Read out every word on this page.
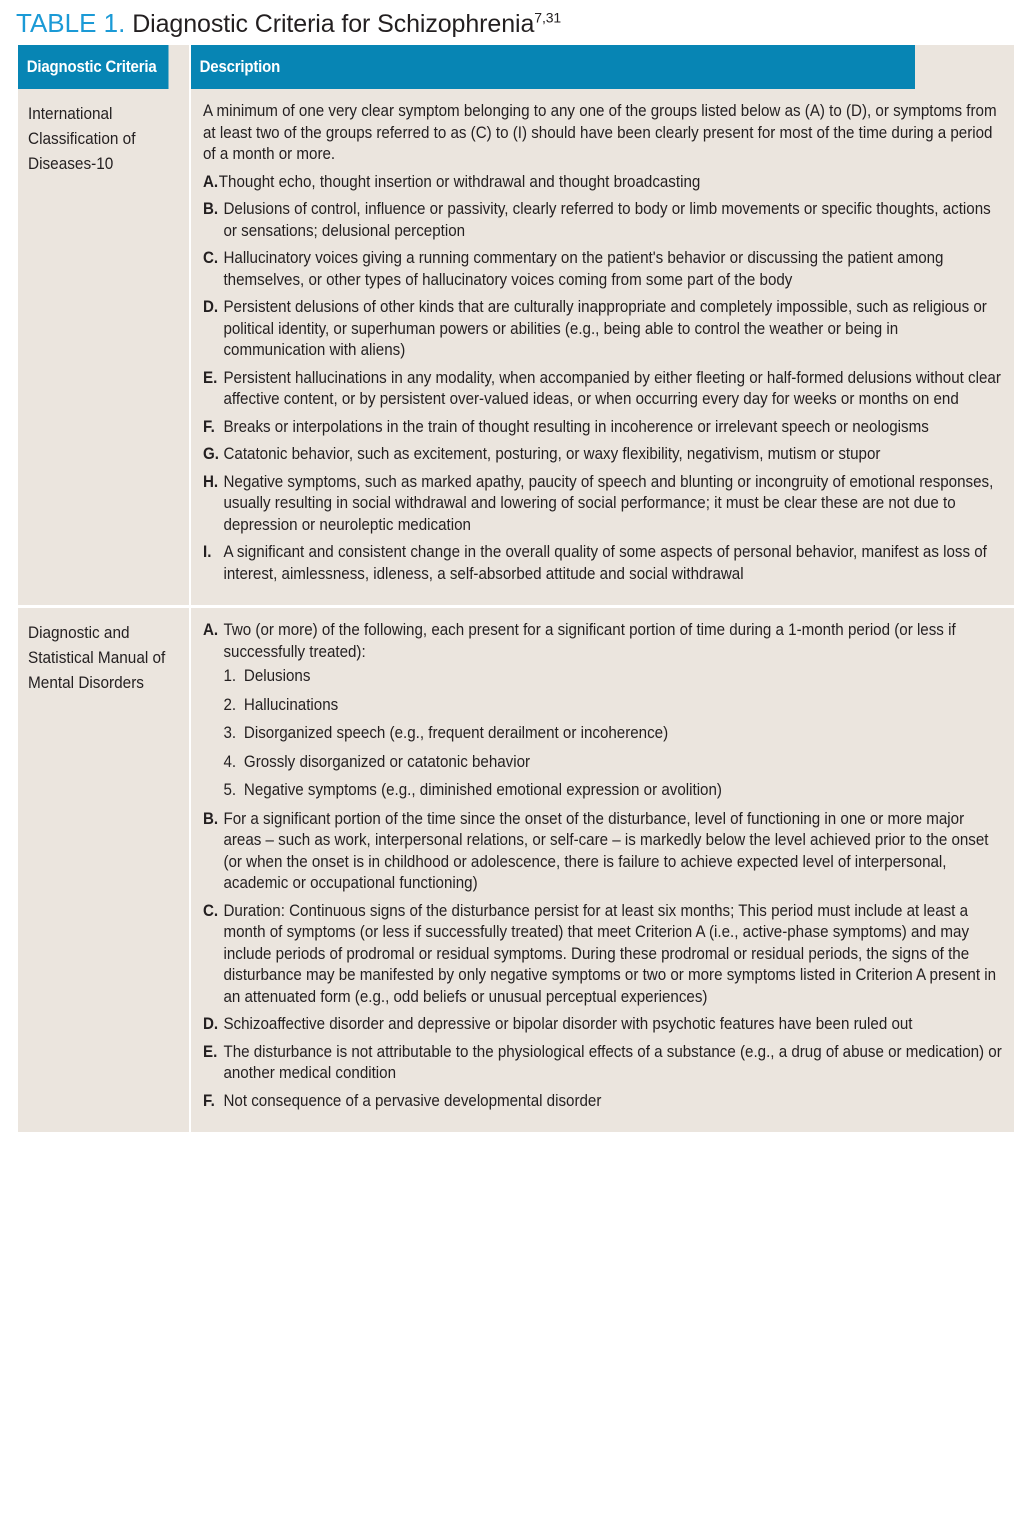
TABLE 1. Diagnostic Criteria for Schizophrenia$^{7,31}$
Diagnostic Criteria	Description

International Classification of Diseases-10

A minimum of one very clear symptom belonging to any one of the groups listed below as (A) to (D), or symptoms from at least two of the groups referred to as (C) to (I) should have been clearly present for most of the time during a period of a month or more.

A. Thought echo, thought insertion or withdrawal and thought broadcasting
B. Delusions of control, influence or passivity, clearly referred to body or limb movements or specific thoughts, actions or sensations; delusional perception
C. Hallucinatory voices giving a running commentary on the patient's behavior or discussing the patient among themselves, or other types of hallucinatory voices coming from some part of the body
D. Persistent delusions of other kinds that are culturally inappropriate and completely impossible, such as religious or political identity, or superhuman powers or abilities (e.g., being able to control the weather or being in communication with aliens)
E. Persistent hallucinations in any modality, when accompanied by either fleeting or half-formed delusions without clear affective content, or by persistent over-valued ideas, or when occurring every day for weeks or months on end
F. Breaks or interpolations in the train of thought resulting in incoherence or irrelevant speech or neologisms
G. Catatonic behavior, such as excitement, posturing, or waxy flexibility, negativism, mutism or stupor
H. Negative symptoms, such as marked apathy, paucity of speech and blunting or incongruity of emotional responses, usually resulting in social withdrawal and lowering of social performance; it must be clear these are not due to depression or neuroleptic medication
I. A significant and consistent change in the overall quality of some aspects of personal behavior, manifest as loss of interest, aimlessness, idleness, a self-absorbed attitude and social withdrawal

Diagnostic and Statistical Manual of Mental Disorders

A. Two (or more) of the following, each present for a significant portion of time during a 1-month period (or less if successfully treated):
1. Delusions
2. Hallucinations
3. Disorganized speech (e.g., frequent derailment or incoherence)
4. Grossly disorganized or catatonic behavior
5. Negative symptoms (e.g., diminished emotional expression or avolition)
B. For a significant portion of the time since the onset of the disturbance, level of functioning in one or more major areas – such as work, interpersonal relations, or self-care – is markedly below the level achieved prior to the onset (or when the onset is in childhood or adolescence, there is failure to achieve expected level of interpersonal, academic or occupational functioning)
C. Duration: Continuous signs of the disturbance persist for at least six months; This period must include at least a month of symptoms (or less if successfully treated) that meet Criterion A (i.e., active-phase symptoms) and may include periods of prodromal or residual symptoms. During these prodromal or residual periods, the signs of the disturbance may be manifested by only negative symptoms or two or more symptoms listed in Criterion A present in an attenuated form (e.g., odd beliefs or unusual perceptual experiences)
D. Schizoaffective disorder and depressive or bipolar disorder with psychotic features have been ruled out
E. The disturbance is not attributable to the physiological effects of a substance (e.g., a drug of abuse or medication) or another medical condition
F. Not consequence of a pervasive developmental disorder
